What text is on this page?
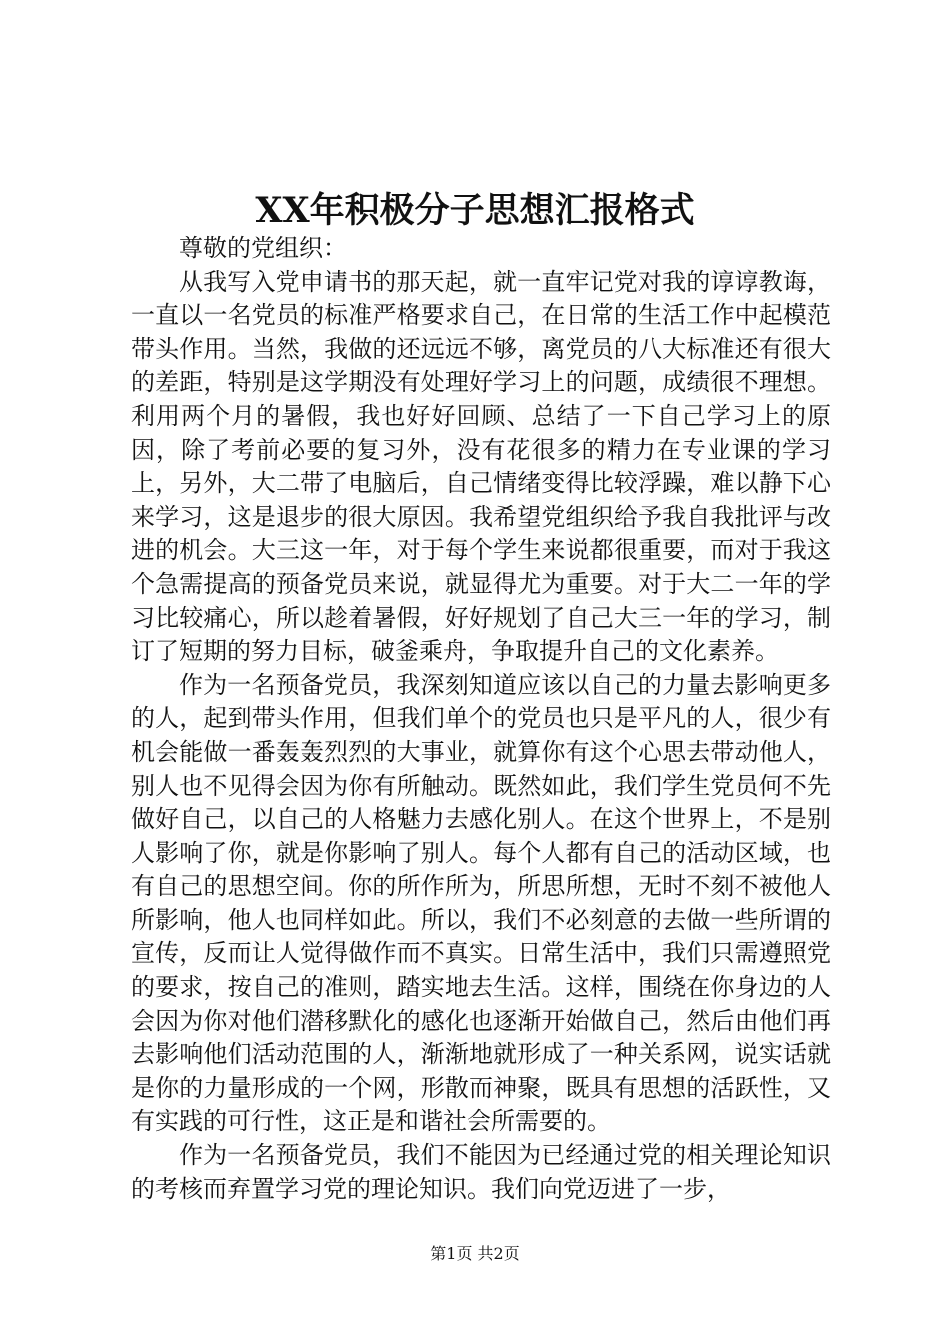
XX年积极分子思想汇报格式

尊敬的党组织：

从我写入党申请书的那天起，就一直牢记党对我的谆谆教诲，一直以一名党员的标准严格要求自己，在日常的生活工作中起模范带头作用。当然，我做的还远远不够，离党员的八大标准还有很大的差距，特别是这学期没有处理好学习上的问题，成绩很不理想。利用两个月的暑假，我也好好回顾、总结了一下自己学习上的原因，除了考前必要的复习外，没有花很多的精力在专业课的学习上，另外，大二带了电脑后，自己情绪变得比较浮躁，难以静下心来学习，这是退步的很大原因。我希望党组织给予我自我批评与改进的机会。大三这一年，对于每个学生来说都很重要，而对于我这个急需提高的预备党员来说，就显得尤为重要。对于大二一年的学习比较痛心，所以趁着暑假，好好规划了自己大三一年的学习，制订了短期的努力目标，破釜乘舟，争取提升自己的文化素养。

作为一名预备党员，我深刻知道应该以自己的力量去影响更多的人，起到带头作用，但我们单个的党员也只是平凡的人，很少有机会能做一番轰轰烈烈的大事业，就算你有这个心思去带动他人，别人也不见得会因为你有所触动。既然如此，我们学生党员何不先做好自己，以自己的人格魅力去感化别人。在这个世界上，不是别人影响了你，就是你影响了别人。每个人都有自己的活动区域，也有自己的思想空间。你的所作所为，所思所想，无时不刻不被他人所影响，他人也同样如此。所以，我们不必刻意的去做一些所谓的宣传，反而让人觉得做作而不真实。日常生活中，我们只需遵照党的要求，按自己的准则，踏实地去生活。这样，围绕在你身边的人会因为你对他们潜移默化的感化也逐渐开始做自己，然后由他们再去影响他们活动范围的人，渐渐地就形成了一种关系网，说实话就是你的力量形成的一个网，形散而神聚，既具有思想的活跃性，又有实践的可行性，这正是和谐社会所需要的。

作为一名预备党员，我们不能因为已经通过党的相关理论知识的考核而弃置学习党的理论知识。我们向党迈进了一步，

第1页 共2页
